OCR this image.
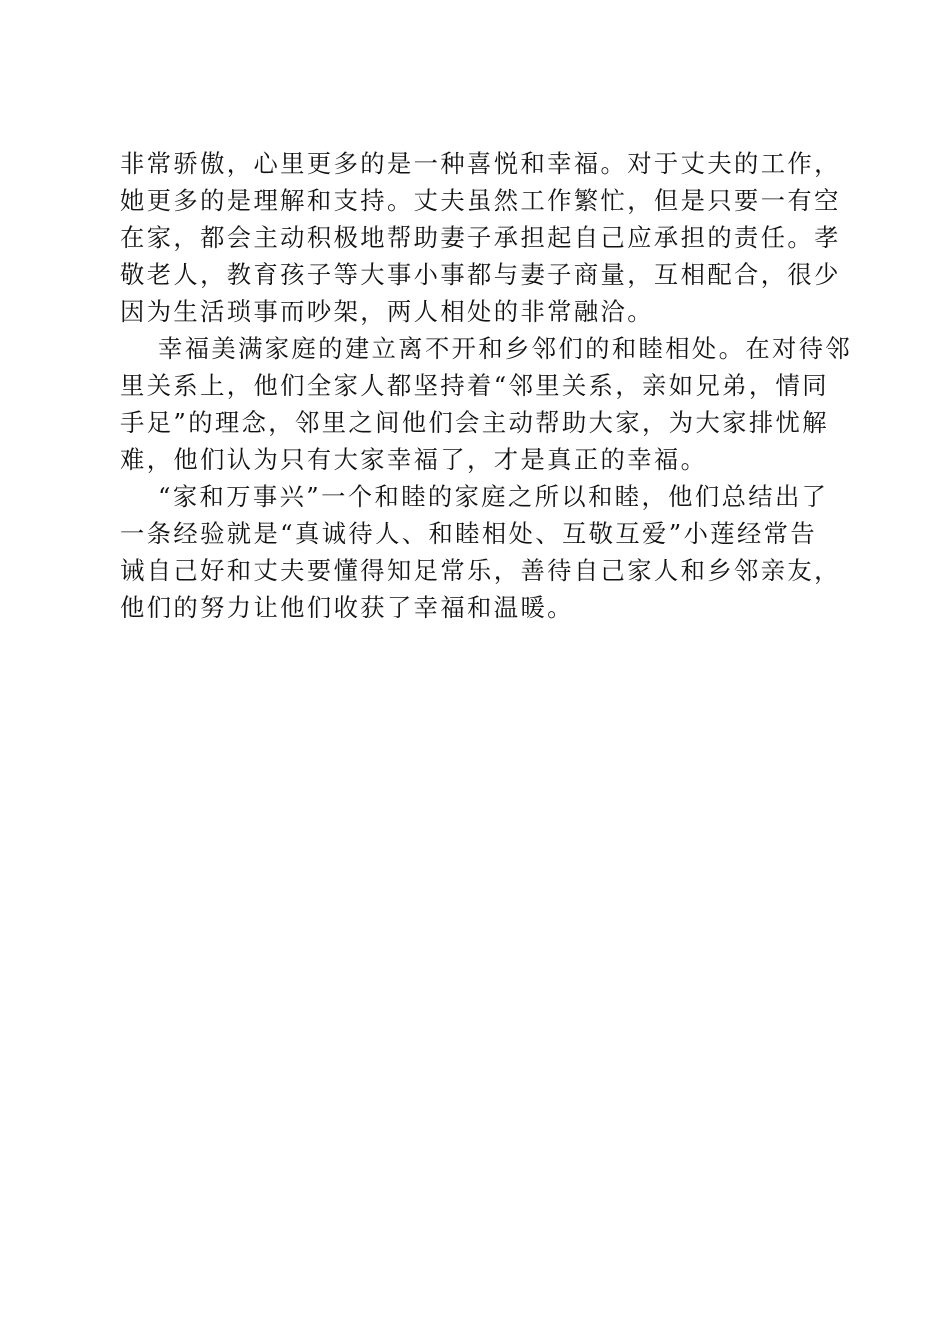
非常骄傲，心里更多的是一种喜悦和幸福。对于丈夫的工作，
她更多的是理解和支持。丈夫虽然工作繁忙，但是只要一有空
在家，都会主动积极地帮助妻子承担起自己应承担的责任。孝
敬老人，教育孩子等大事小事都与妻子商量，互相配合，很少
因为生活琐事而吵架，两人相处的非常融洽。
幸福美满家庭的建立离不开和乡邻们的和睦相处。在对待邻
里关系上，他们全家人都坚持着“邻里关系，亲如兄弟，情同
手足”的理念，邻里之间他们会主动帮助大家，为大家排忧解
难，他们认为只有大家幸福了，才是真正的幸福。
“家和万事兴”一个和睦的家庭之所以和睦，他们总结出了
一条经验就是“真诚待人、和睦相处、互敬互爱”小莲经常告
诫自己好和丈夫要懂得知足常乐，善待自己家人和乡邻亲友，
他们的努力让他们收获了幸福和温暖。
